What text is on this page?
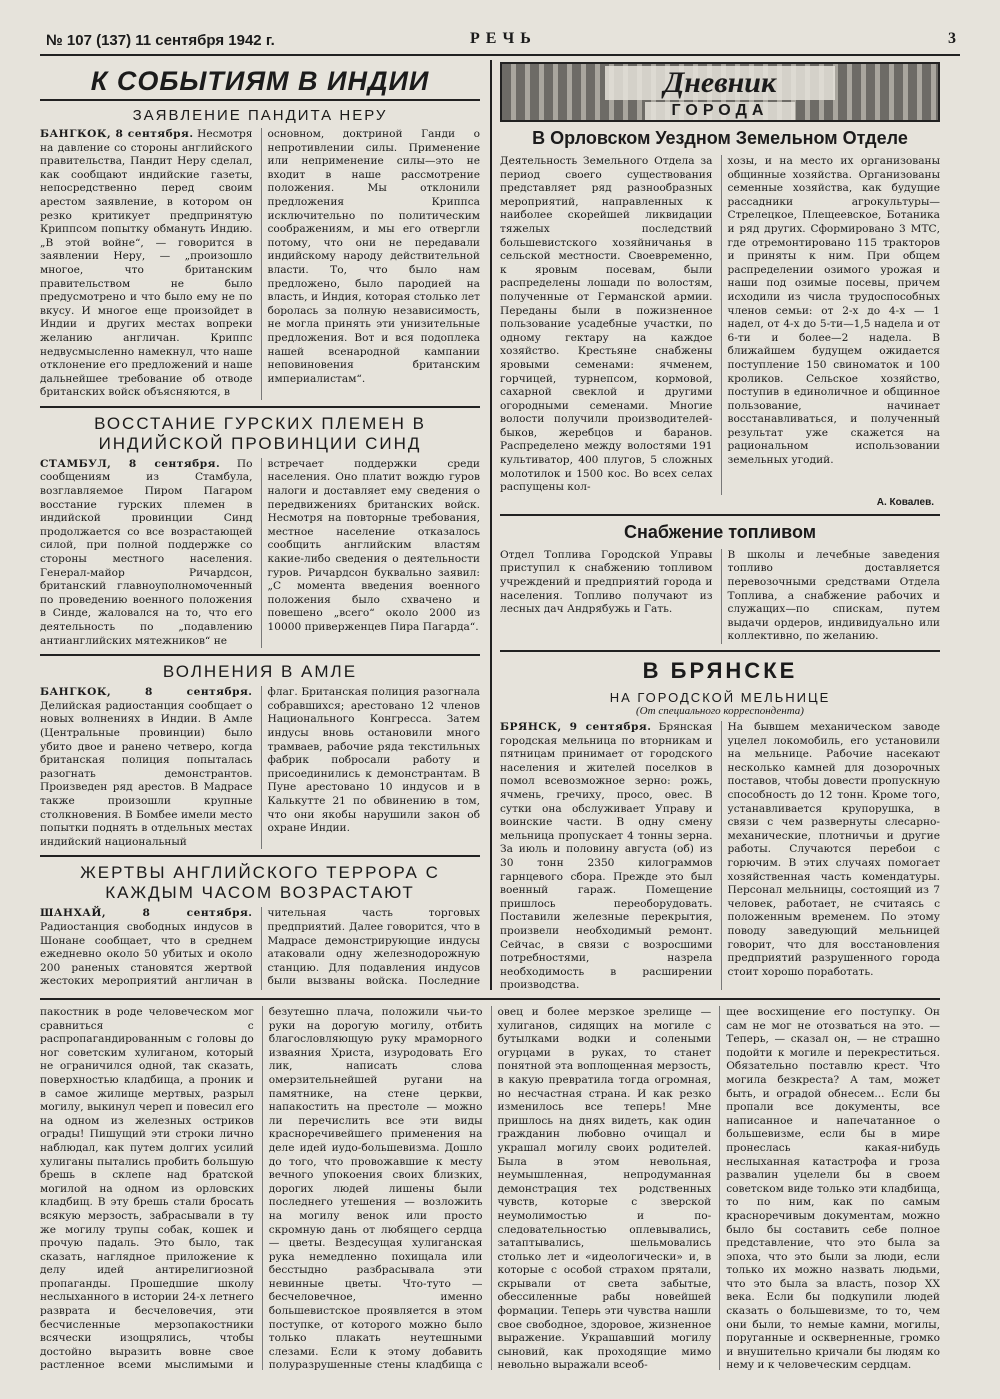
№ 107 (137) 11 сентября 1942 г.	РЕЧЬ	3
К СОБЫТИЯМ В ИНДИИ
ЗАЯВЛЕНИЕ ПАНДИТА НЕРУ

БАНГКОК, 8 сентября. Несмотря на давление со стороны английского правительства, Пандит Неру сделал, как сообщают индийские газеты, непосредственно перед своим арестом заявление, в котором он резко критикует предпринятую Криппсом попытку обмануть Индию. „В этой войне“, — говорится в заявлении Неру, — „произошло многое, что британским правительством не было предусмотрено и что было ему не по вкусу. И многое еще произойдет в Индии и других местах вопреки желанию англичан. Криппс недвусмысленно намекнул, что наше отклонение его предложений и наше дальнейшее требование об отводе британских войск объясняются, в

основном, доктриной Ганди о непротивлении силы. Применение или неприменение силы—это не входит в наше рассмотрение положения. Мы отклонили предложения Криппса исключительно по политическим соображениям, и мы его отвергли потому, что они не передавали индийскому народу действительной власти. То, что было нам предложено, было пародией на власть, и Индия, которая столько лет боролась за полную независимость, не могла принять эти унизительные предложения. Вот и вся подоплека нашей всенародной кампании неповиновения британским империалистам“.

ВОССТАНИЕ ГУРСКИХ ПЛЕМЕН В ИНДИЙСКОЙ ПРОВИНЦИИ СИНД

СТАМБУЛ, 8 сентября. По сообщениям из Стамбула, возглавляемое Пиром Пагаром восстание гурских племен в индийской провинции Синд продолжается со все возрастающей силой, при полной поддержке со стороны местного населения. Генерал-майор Ричардсон, британский главноуполномоченный по проведению военного положения в Синде, жаловался на то, что его деятельность по „подавлению антианглийских мятежников“ не

встречает поддержки среди населения. Оно платит вождю гуров налоги и доставляет ему сведения о передвижениях британских войск. Несмотря на повторные требования, местное население отказалось сообщить английским властям какие-либо сведения о деятельности гуров. Ричардсон буквально заявил: „С момента введения военного положения было схвачено и повешено „всего“ около 2000 из 10000 приверженцев Пира Пагарда“.

ВОЛНЕНИЯ В АМЛЕ

БАНГКОК, 8 сентября. Делийская радиостанция сообщает о новых волнениях в Индии. В Амле (Центральные провинции) было убито двое и ранено четверо, когда британская полиция попыталась разогнать демонстрантов. Произведен ряд арестов. В Мадрасе также произошли крупные столкновения. В Бомбее имели место попытки поднять в отдельных местах индийский национальный

флаг. Британская полиция разогнала собравшихся; арестовано 12 членов Национального Конгресса. Затем индусы вновь остановили много трамваев, рабочие ряда текстильных фабрик побросали работу и присоединились к демонстрантам. В Пуне арестовано 10 индусов и в Калькутте 21 по обвинению в том, что они якобы нарушили закон об охране Индии.

ЖЕРТВЫ АНГЛИЙСКОГО ТЕРРОРА С КАЖДЫМ ЧАСОМ ВОЗРАСТАЮТ

ШАНХАЙ, 8 сентября. Радиостанция свободных индусов в Шонане сообщает, что в среднем ежедневно около 50 убитых и около 200 раненых становятся жертвой жестоких мероприятий англичан в

чительная часть торговых предприятий. Далее говорится, что в Мадрасе демонстрирующие индусы атаковали одну железнодорожную станцию. Для подавления индусов были вызваны войска. Последние

Дневник
ГОРОДА
В Орловском Уездном Земельном Отделе

Деятельность Земельного Отдела за период своего существования представляет ряд разнообразных мероприятий, направленных к наиболее скорейшей ликвидации тяжелых последствий большевистского хозяйничанья в сельской местности. Своевременно, к яровым посевам, были распределены лошади по волостям, полученные от Германской армии. Переданы были в пожизненное пользование усадебные участки, по одному гектару на каждое хозяйство. Крестьяне снабжены яровыми семенами: ячменем, горчицей, турнепсом, кормовой, сахарной свеклой и другими огородными семенами. Многие волости получили производителей-быков, жеребцов и баранов. Распределено между волостями 191 культиватор, 400 плугов, 5 сложных молотилок и 1500 кос. Во всех селах распущены кол-

хозы, и на место их организованы общинные хозяйства. Организованы семенные хозяйства, как будущие рассадники агрокультуры—Стрелецкое, Плещеевское, Ботаника и ряд других. Сформировано 3 МТС, где отремонтировано 115 тракторов и приняты к ним. При общем распределении озимого урожая и наши под озимые посевы, причем исходили из числа трудоспособных членов семьи: от 2-х до 4-х — 1 надел, от 4-х до 5-ти—1,5 надела и от 6-ти и более—2 надела. В ближайшем будущем ожидается поступление 150 свиноматок и 100 кроликов. Сельское хозяйство, поступив в единоличное и общинное пользование, начинает восстанавливаться, и полученный результат уже скажется на рациональном использовании земельных угодий.

А. Ковалев.
Снабжение топливом

Отдел Топлива Городской Управы приступил к снабжению топливом учреждений и предприятий города и населения. Топливо получают из лесных дач Андрябужь и Гать.

В школы и лечебные заведения топливо доставляется перевозочными средствами Отдела Топлива, а снабжение рабочих и служащих—по спискам, путем выдачи ордеров, индивидуально или коллективно, по желанию.

В БРЯНСКЕ
НА ГОРОДСКОЙ МЕЛЬНИЦЕ
(От специального корреспондента)

БРЯНСК, 9 сентября. Брянская городская мельница по вторникам и пятницам принимает от городского населения и жителей поселков в помол всевозможное зерно: рожь, ячмень, гречиху, просо, овес. В сутки она обслуживает Управу и воинские части. В одну смену мельница пропускает 4 тонны зерна. За июль и половину августа (об) из 30 тонн 2350 килограммов гарнцевого сбора. Прежде это был военный гараж. Помещение пришлось переоборудовать. Поставили железные перекрытия, произвели необходимый ремонт. Сейчас, в связи с возросшими потребностями, назрела необходимость в расширении производства.

На бывшем механическом заводе уцелел локомобиль, его установили на мельнице. Рабочие насекают несколько камней для дозорочных поставов, чтобы довести пропускную способность до 12 тонн. Кроме того, устанавливается крупорушка, в связи с чем развернуты слесарно-механические, плотничьи и другие работы. Случаются перебои с горючим. В этих случаях помогает хозяйственная часть комендатуры. Персонал мельницы, состоящий из 7 человек, работает, не считаясь с положенным временем. По этому поводу заведующий мельницей говорит, что для восстановления предприятий разрушенного города стоит хорошо поработать.

пакостник в роде человеческом мог сравниться с распропагандированным с головы до ног советским хулиганом, который не ограничился одной, так сказать, поверхностью кладбища, а проник и в самое жилище мертвых, разрыл могилу, выкинул череп и повесил его на одном из железных остриков ограды! Пишущий эти строки лично наблюдал, как путем долгих усилий хулиганы пытались пробить большую брешь в склепе над братской могилой на одном из орловских кладбищ. В эту брешь стали бросать всякую мерзость, забрасывали в ту же могилу трупы собак, кошек и прочую падаль. Это было, так сказать, наглядное приложение к делу идей антирелигиозной пропаганды. Прошедшие школу неслыханного в истории 24-х летнего разврата и бесчеловечия, эти бесчисленные мерзопакостники всячески изощрялись, чтобы достойно выразить вовне свое растленное всеми мыслимыми и

безутешно плача, положили чьи-то руки на дорогую могилу, отбить благословляющую руку мраморного изваяния Христа, изуродовать Его лик, написать слова омерзительнейшей ругани на памятнике, на стене церкви, напакостить на престоле — можно ли перечислить все эти виды красноречивейшего применения на деле идей иудо-большевизма. Дошло до того, что провожавшие к месту вечного упокоения своих близких, дорогих людей лишены были последнего утешения — возложить на могилу венок или просто скромную дань от любящего сердца — цветы. Вездесущая хулиганская рука немедленно похищала или бесстыдно разбрасывала эти невинные цветы. Что-туто — бесчеловечное, именно большевистское проявляется в этом поступке, от которого можно было только плакать неутешными слезами. Если к этому добавить полуразрушенные стены кладбища с

овец и более мерзкое зрелище — хулиганов, сидящих на могиле с бутылками водки и солеными огурцами в руках, то станет понятной эта воплощенная мерзость, в какую превратила тогда огромная, но несчастная страна. И как резко изменилось все теперь! Мне пришлось на днях видеть, как один гражданин любовно очищал и украшал могилу своих родителей. Была в этом невольная, неумышленная, непродуманная демонстрация тех родственных чувств, которые с зверской неумолимостью и по-следовательностью оплевывались, затаптывались, шельмовались столько лет и «идеологически» и, в которые с особой страхом прятали, скрывали от света забытые, обессиленные рабы новейшей формации. Теперь эти чувства нашли свое свободное, здоровое, жизненное выражение. Украшавший могилу сыновий, как проходящие мимо невольно выражали всеоб-

щее восхищение его поступку. Он сам не мог не отозваться на это. — Теперь, — сказал он, — не страшно подойти к могиле и перекреститься. Обязательно поставлю крест. Что могила безкреста? А там, может быть, и оградой обнесем... Если бы пропали все документы, все написанное и напечатанное о большевизме, если бы в мире пронеслась какая-нибудь неслыханная катастрофа и гроза развалин уцелели бы в своем советском виде только эти кладбища, то по ним, как по самым красноречивым документам, можно было бы составить себе полное представление, что это была за эпоха, что это были за люди, если только их можно назвать людьми, что это была за власть, позор XX века. Если бы подкупили людей сказать о большевизме, то то, чем они были, то немые камни, могилы, поруганные и оскверненные, громко и внушительно кричали бы людям ко нему и к человеческим сердцам.
